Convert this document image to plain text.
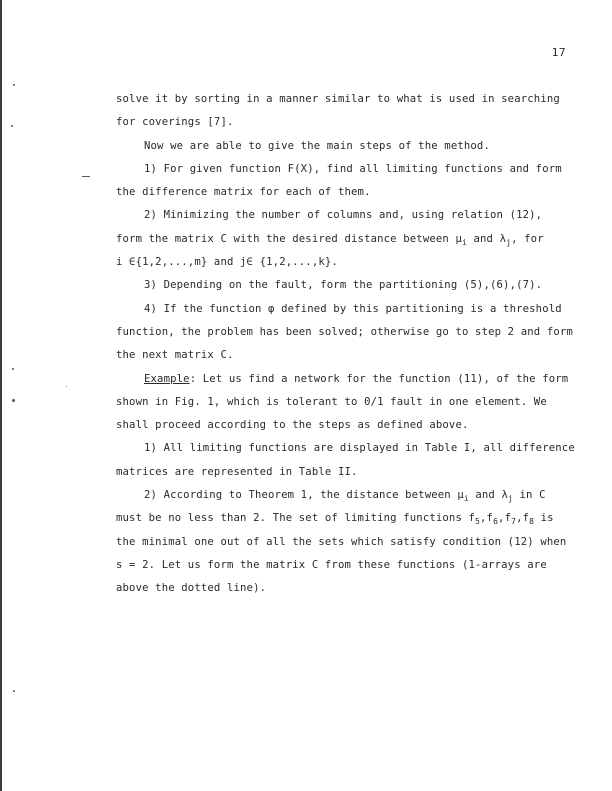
17
solve it by sorting in a manner similar to what is used in searching
for coverings [7].
Now we are able to give the main steps of the method.
1) For given function F(X), find all limiting functions and form
the difference matrix for each of them.
2) Minimizing the number of columns and, using relation (12),
form the matrix C with the desired distance between $\mu_i$ and $\lambda_j$, for
i ∈{1,2,...,m} and j∈ {1,2,...,k}.
3) Depending on the fault, form the partitioning (5),(6),(7).
4) If the function φ defined by this partitioning is a threshold
function, the problem has been solved; otherwise go to step 2 and form
the next matrix C.
Example: Let us find a network for the function (11), of the form
shown in Fig. 1, which is tolerant to 0/1 fault in one element. We
shall proceed according to the steps as defined above.
1) All limiting functions are displayed in Table I, all difference
matrices are represented in Table II.
2) According to Theorem 1, the distance between $\mu_i$ and $\lambda_j$ in C
must be no less than 2. The set of limiting functions $f_5,f_6,f_7,f_8$ is
the minimal one out of all the sets which satisfy condition (12) when
s = 2. Let us form the matrix C from these functions (1-arrays are
above the dotted line).
